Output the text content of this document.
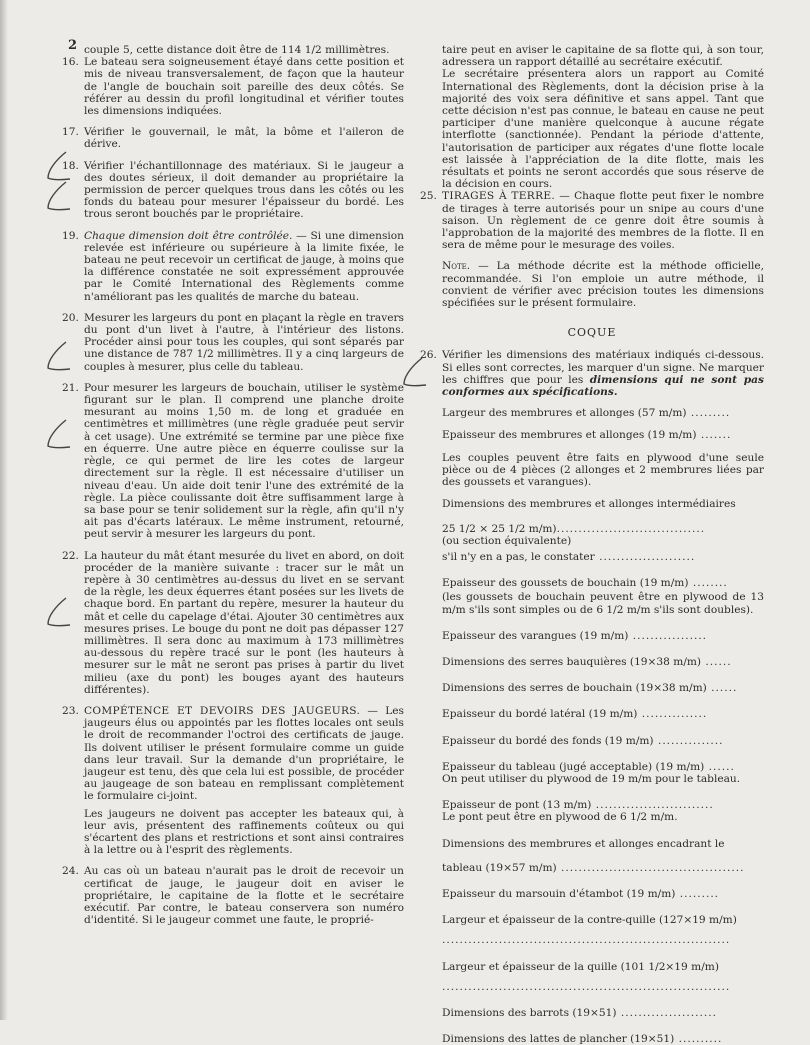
2 couple 5, cette distance doit être de 114 1/2 millimètres.

16. Le bateau sera soigneusement étayé dans cette position et mis de niveau transversalement, de façon que la hauteur de l'angle de bouchain soit pareille des deux côtés. Se référer au dessin du profil longitudinal et vérifier toutes les dimensions indiquées.

17. Vérifier le gouvernail, le mât, la bôme et l'aileron de dérive.

18. Vérifier l'échantillonnage des matériaux. Si le jaugeur a des doutes sérieux, il doit demander au propriétaire la permission de percer quelques trous dans les côtés ou les fonds du bateau pour mesurer l'épaisseur du bordé. Les trous seront bouchés par le propriétaire.

19. Chaque dimension doit être contrôlée. — Si une dimension relevée est inférieure ou supérieure à la limite fixée, le bateau ne peut recevoir un certificat de jauge, à moins que la différence constatée ne soit expressément approuvée par le Comité International des Règlements comme n'améliorant pas les qualités de marche du bateau.

20. Mesurer les largeurs du pont en plaçant la règle en travers du pont d'un livet à l'autre, à l'intérieur des listons. Procéder ainsi pour tous les couples, qui sont séparés par une distance de 787 1/2 millimètres. Il y a cinq largeurs de couples à mesurer, plus celle du tableau.

21. Pour mesurer les largeurs de bouchain, utiliser le système figurant sur le plan. Il comprend une planche droite mesurant au moins 1,50 m. de long et graduée en centimètres et millimètres (une règle graduée peut servir à cet usage). Une extrémité se termine par une pièce fixe en équerre. Une autre pièce en équerre coulisse sur la règle, ce qui permet de lire les cotes de largeur directement sur la règle. Il est nécessaire d'utiliser un niveau d'eau. Un aide doit tenir l'une des extrémité de la règle. La pièce coulissante doit être suffisamment large à sa base pour se tenir solidement sur la règle, afin qu'il n'y ait pas d'écarts latéraux. Le même instrument, retourné, peut servir à mesurer les largeurs du pont.

22. La hauteur du mât étant mesurée du livet en abord, on doit procéder de la manière suivante : tracer sur le mât un repère à 30 centimètres au-dessus du livet en se servant de la règle, les deux équerres étant posées sur les livets de chaque bord. En partant du repère, mesurer la hauteur du mât et celle du capelage d'étai. Ajouter 30 centimètres aux mesures prises. Le bouge du pont ne doit pas dépasser 127 millimètres. Il sera donc au maximum à 173 millimètres au-dessous du repère tracé sur le pont (les hauteurs à mesurer sur le mât ne seront pas prises à partir du livet milieu (axe du pont) les bouges ayant des hauteurs différentes).

23. COMPÉTENCE ET DEVOIRS DES JAUGEURS. — Les jaugeurs élus ou appointés par les flottes locales ont seuls le droit de recommander l'octroi des certificats de jauge. Ils doivent utiliser le présent formulaire comme un guide dans leur travail. Sur la demande d'un propriétaire, le jaugeur est tenu, dès que cela lui est possible, de procéder au jaugeage de son bateau en remplissant complètement le formulaire ci-joint.

Les jaugeurs ne doivent pas accepter les bateaux qui, à leur avis, présentent des raffinements coûteux ou qui s'écartent des plans et restrictions et sont ainsi contraires à la lettre ou à l'esprit des règlements.

24. Au cas où un bateau n'aurait pas le droit de recevoir un certificat de jauge, le jaugeur doit en aviser le propriétaire, le capitaine de la flotte et le secrétaire exécutif. Par contre, le bateau conservera son numéro d'identité. Si le jaugeur commet une faute, le proprié-

taire peut en aviser le capitaine de sa flotte qui, à son tour, adressera un rapport détaillé au secrétaire exécutif.

Le secrétaire présentera alors un rapport au Comité International des Règlements, dont la décision prise à la majorité des voix sera définitive et sans appel. Tant que cette décision n'est pas connue, le bateau en cause ne peut participer d'une manière quelconque à aucune régate interflotte (sanctionnée). Pendant la période d'attente, l'autorisation de participer aux régates d'une flotte locale est laissée à l'appréciation de la dite flotte, mais les résultats et points ne seront accordés que sous réserve de la décision en cours.

25. TIRAGES À TERRE. — Chaque flotte peut fixer le nombre de tirages à terre autorisés pour un snipe au cours d'une saison. Un règlement de ce genre doit être soumis à l'approbation de la majorité des membres de la flotte. Il en sera de même pour le mesurage des voiles.

Note. — La méthode décrite est la méthode officielle, recommandée. Si l'on emploie un autre méthode, il convient de vérifier avec précision toutes les dimensions spécifiées sur le présent formulaire.

COQUE
26. Vérifier les dimensions des matériaux indiqués ci-dessous. Si elles sont correctes, les marquer d'un signe. Ne marquer les chiffres que pour les dimensions qui ne sont pas conformes aux spécifications.

Largeur des membrures et allonges (57 m/m) .........
Epaisseur des membrures et allonges (19 m/m) .......
Les couples peuvent être faits en plywood d'une seule pièce ou de 4 pièces (2 allonges et 2 membrures liées par des goussets et varangues).
Dimensions des membrures et allonges intermédiaires
25 1/2 × 25 1/2 m/m)..................................
(ou section équivalente)
s'il n'y en a pas, le constater ......................
Epaisseur des goussets de bouchain (19 m/m) ........
(les goussets de bouchain peuvent être en plywood de 13 m/m s'ils sont simples ou de 6 1/2 m/m s'ils sont doubles).
Epaisseur des varangues (19 m/m) .................
Dimensions des serres bauquières (19×38 m/m) ......
Dimensions des serres de bouchain (19×38 m/m) ......
Epaisseur du bordé latéral (19 m/m) ...............
Epaisseur du bordé des fonds (19 m/m) ...............
Epaisseur du tableau (jugé acceptable) (19 m/m) ......
On peut utiliser du plywood de 19 m/m pour le tableau.
Epaisseur de pont (13 m/m) ...........................
Le pont peut être en plywood de 6 1/2 m/m.
Dimensions des membrures et allonges encadrant le
tableau (19×57 m/m) ..........................................
Epaisseur du marsouin d'étambot (19 m/m) .........
Largeur et épaisseur de la contre-quille (127×19 m/m)
..................................................................
Largeur et épaisseur de la quille (101 1/2×19 m/m)
..................................................................
Dimensions des barrots (19×51) ......................
Dimensions des lattes de plancher (19×51) ..........
